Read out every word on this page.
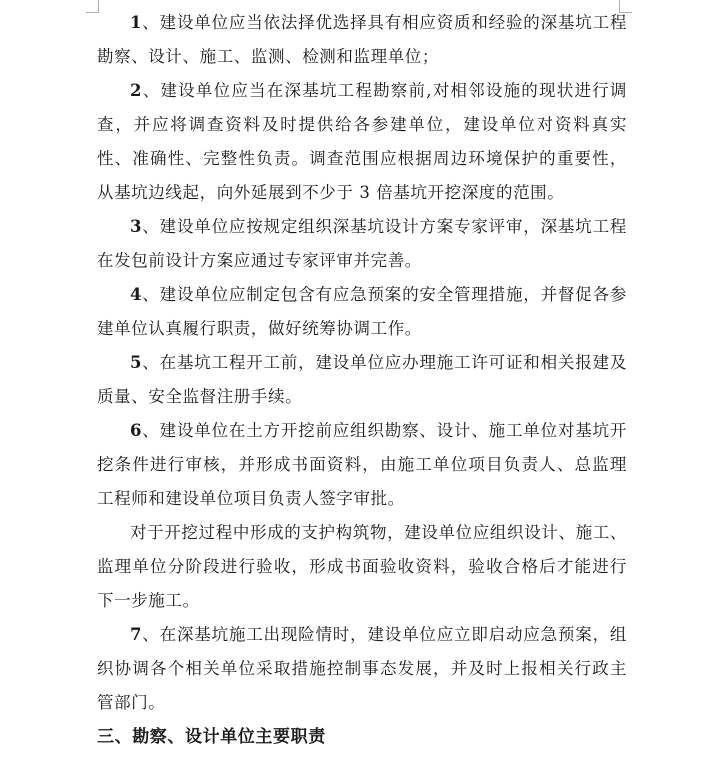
1、建设单位应当依法择优选择具有相应资质和经验的深基坑工程勘察、设计、施工、监测、检测和监理单位；

2、建设单位应当在深基坑工程勘察前,对相邻设施的现状进行调查，并应将调查资料及时提供给各参建单位，建设单位对资料真实性、准确性、完整性负责。调查范围应根据周边环境保护的重要性，从基坑边线起，向外延展到不少于 3 倍基坑开挖深度的范围。

3、建设单位应按规定组织深基坑设计方案专家评审，深基坑工程在发包前设计方案应通过专家评审并完善。

4、建设单位应制定包含有应急预案的安全管理措施，并督促各参建单位认真履行职责，做好统筹协调工作。

5、在基坑工程开工前，建设单位应办理施工许可证和相关报建及质量、安全监督注册手续。

6、建设单位在土方开挖前应组织勘察、设计、施工单位对基坑开挖条件进行审核，并形成书面资料，由施工单位项目负责人、总监理工程师和建设单位项目负责人签字审批。

对于开挖过程中形成的支护构筑物，建设单位应组织设计、施工、监理单位分阶段进行验收，形成书面验收资料，验收合格后才能进行下一步施工。

7、在深基坑施工出现险情时，建设单位应立即启动应急预案，组织协调各个相关单位采取措施控制事态发展，并及时上报相关行政主管部门。

三、勘察、设计单位主要职责
